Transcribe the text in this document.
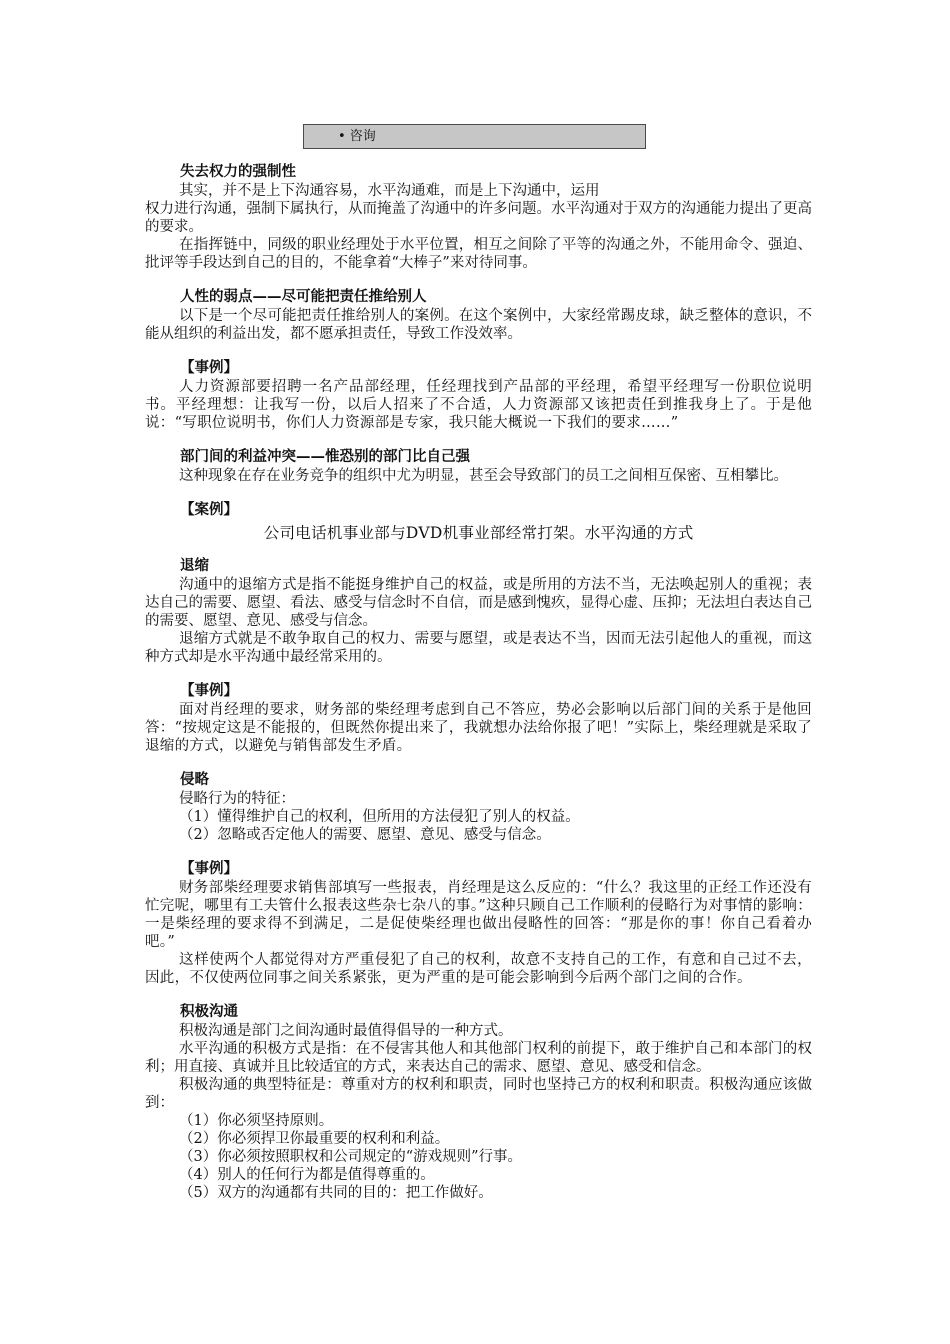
• 咨询
失去权力的强制性

其实，并不是上下沟通容易，水平沟通难，而是上下沟通中，运用

权力进行沟通，强制下属执行，从而掩盖了沟通中的许多问题。水平沟通对于双方的沟通能力提出了更高的要求。

在指挥链中，同级的职业经理处于水平位置，相互之间除了平等的沟通之外，不能用命令、强迫、批评等手段达到自己的目的，不能拿着“大棒子”来对待同事。

人性的弱点——尽可能把责任推给别人

以下是一个尽可能把责任推给别人的案例。在这个案例中，大家经常踢皮球，缺乏整体的意识，不能从组织的利益出发，都不愿承担责任，导致工作没效率。

【事例】

人力资源部要招聘一名产品部经理，任经理找到产品部的平经理，希望平经理写一份职位说明书。平经理想：让我写一份，以后人招来了不合适，人力资源部又该把责任到推我身上了。于是他说：“写职位说明书，你们人力资源部是专家，我只能大概说一下我们的要求……”

部门间的利益冲突——惟恐别的部门比自己强

这种现象在存在业务竞争的组织中尤为明显，甚至会导致部门的员工之间相互保密、互相攀比。

【案例】
公司电话机事业部与DVD机事业部经常打架。水平沟通的方式
退缩

沟通中的退缩方式是指不能挺身维护自己的权益，或是所用的方法不当，无法唤起别人的重视；表达自己的需要、愿望、看法、感受与信念时不自信，而是感到愧疚，显得心虚、压抑；无法坦白表达自己的需要、愿望、意见、感受与信念。

退缩方式就是不敢争取自己的权力、需要与愿望，或是表达不当，因而无法引起他人的重视，而这种方式却是水平沟通中最经常采用的。

【事例】

面对肖经理的要求，财务部的柴经理考虑到自己不答应，势必会影响以后部门间的关系于是他回答：“按规定这是不能报的，但既然你提出来了，我就想办法给你报了吧！”实际上，柴经理就是采取了退缩的方式，以避免与销售部发生矛盾。

侵略

侵略行为的特征：

（1）懂得维护自己的权利，但所用的方法侵犯了别人的权益。

（2）忽略或否定他人的需要、愿望、意见、感受与信念。

【事例】

财务部柴经理要求销售部填写一些报表，肖经理是这么反应的：“什么？我这里的正经工作还没有忙完呢，哪里有工夫管什么报表这些杂七杂八的事。”这种只顾自己工作顺利的侵略行为对事情的影响：一是柴经理的要求得不到满足，二是促使柴经理也做出侵略性的回答：“那是你的事！你自己看着办吧。”

这样使两个人都觉得对方严重侵犯了自己的权利，故意不支持自己的工作，有意和自己过不去，因此，不仅使两位同事之间关系紧张，更为严重的是可能会影响到今后两个部门之间的合作。

积极沟通

积极沟通是部门之间沟通时最值得倡导的一种方式。

水平沟通的积极方式是指：在不侵害其他人和其他部门权利的前提下，敢于维护自己和本部门的权利；用直接、真诚并且比较适宜的方式，来表达自己的需求、愿望、意见、感受和信念。

积极沟通的典型特征是：尊重对方的权利和职责，同时也坚持己方的权利和职责。积极沟通应该做到：

（1）你必须坚持原则。

（2）你必须捍卫你最重要的权利和利益。

（3）你必须按照职权和公司规定的“游戏规则”行事。

（4）别人的任何行为都是值得尊重的。

（5）双方的沟通都有共同的目的：把工作做好。
